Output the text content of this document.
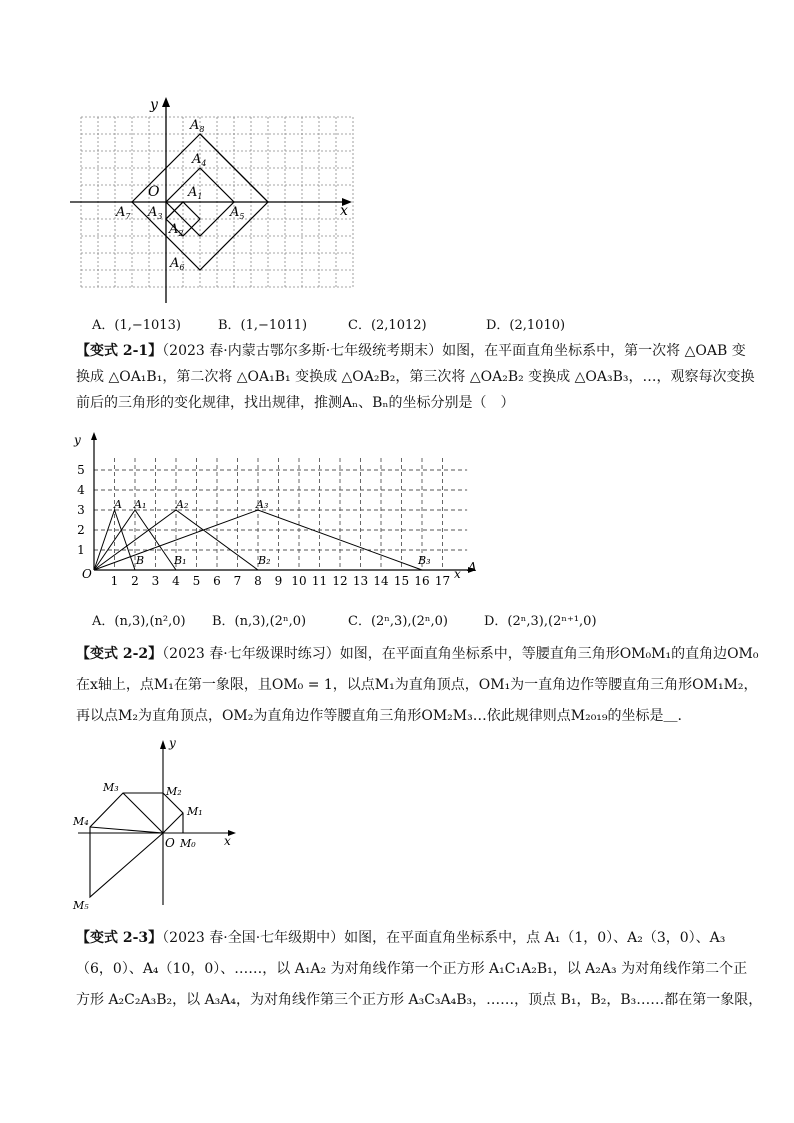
y
x
O $A_1$
$A_2$
$A_3$
$A_4$
$A_5$
$A_6$
$A_7$
$A_8$
A．(1,−1013)	B．(1,−1011)	C．(2,1012)	D．(2,1010)
【变式 2-1】（2023 春·内蒙古鄂尔多斯·七年级统考期末）如图，在平面直角坐标系中，第一次将 △OAB 变
换成 △OA₁B₁，第二次将 △OA₁B₁ 变换成 △OA₂B₂，第三次将 △OA₂B₂ 变换成 △OA₃B₃，…，观察每次变换
前后的三角形的变化规律，找出规律，推测Aₙ、Bₙ的坐标分别是（　）
1 2 3 4 5 6 7 8 9 10 11 12 13 14 15 16 17
1
2
3
4
5
y
x A
O
A A₁	A₂	A₃
B	B₁	B₂	B₃
A．(n,3),(n²,0) B．(n,3),(2ⁿ,0)	C．(2ⁿ,3),(2ⁿ,0)	D．(2ⁿ,3),(2ⁿ⁺¹,0)
【变式 2-2】（2023 春·七年级课时练习）如图，在平面直角坐标系中，等腰直角三角形OM₀M₁的直角边OM₀
在x轴上，点M₁在第一象限，且OM₀ = 1，以点M₁为直角顶点，OM₁为一直角边作等腰直角三角形OM₁M₂，
再以点M₂为直角顶点，OM₂为直角边作等腰直角三角形OM₂M₃…依此规律则点M₂₀₁₉的坐标是＿.
y
x
O M₀
M₁
M₂
M₃
M₄
M₅
【变式 2-3】（2023 春·全国·七年级期中）如图，在平面直角坐标系中，点 A₁（1，0）、A₂（3，0）、A₃
（6，0）、A₄（10，0）、……，以 A₁A₂ 为对角线作第一个正方形 A₁C₁A₂B₁，以 A₂A₃ 为对角线作第二个正
方形 A₂C₂A₃B₂，以 A₃A₄，为对角线作第三个正方形 A₃C₃A₄B₃，……，顶点 B₁，B₂，B₃……都在第一象限，
